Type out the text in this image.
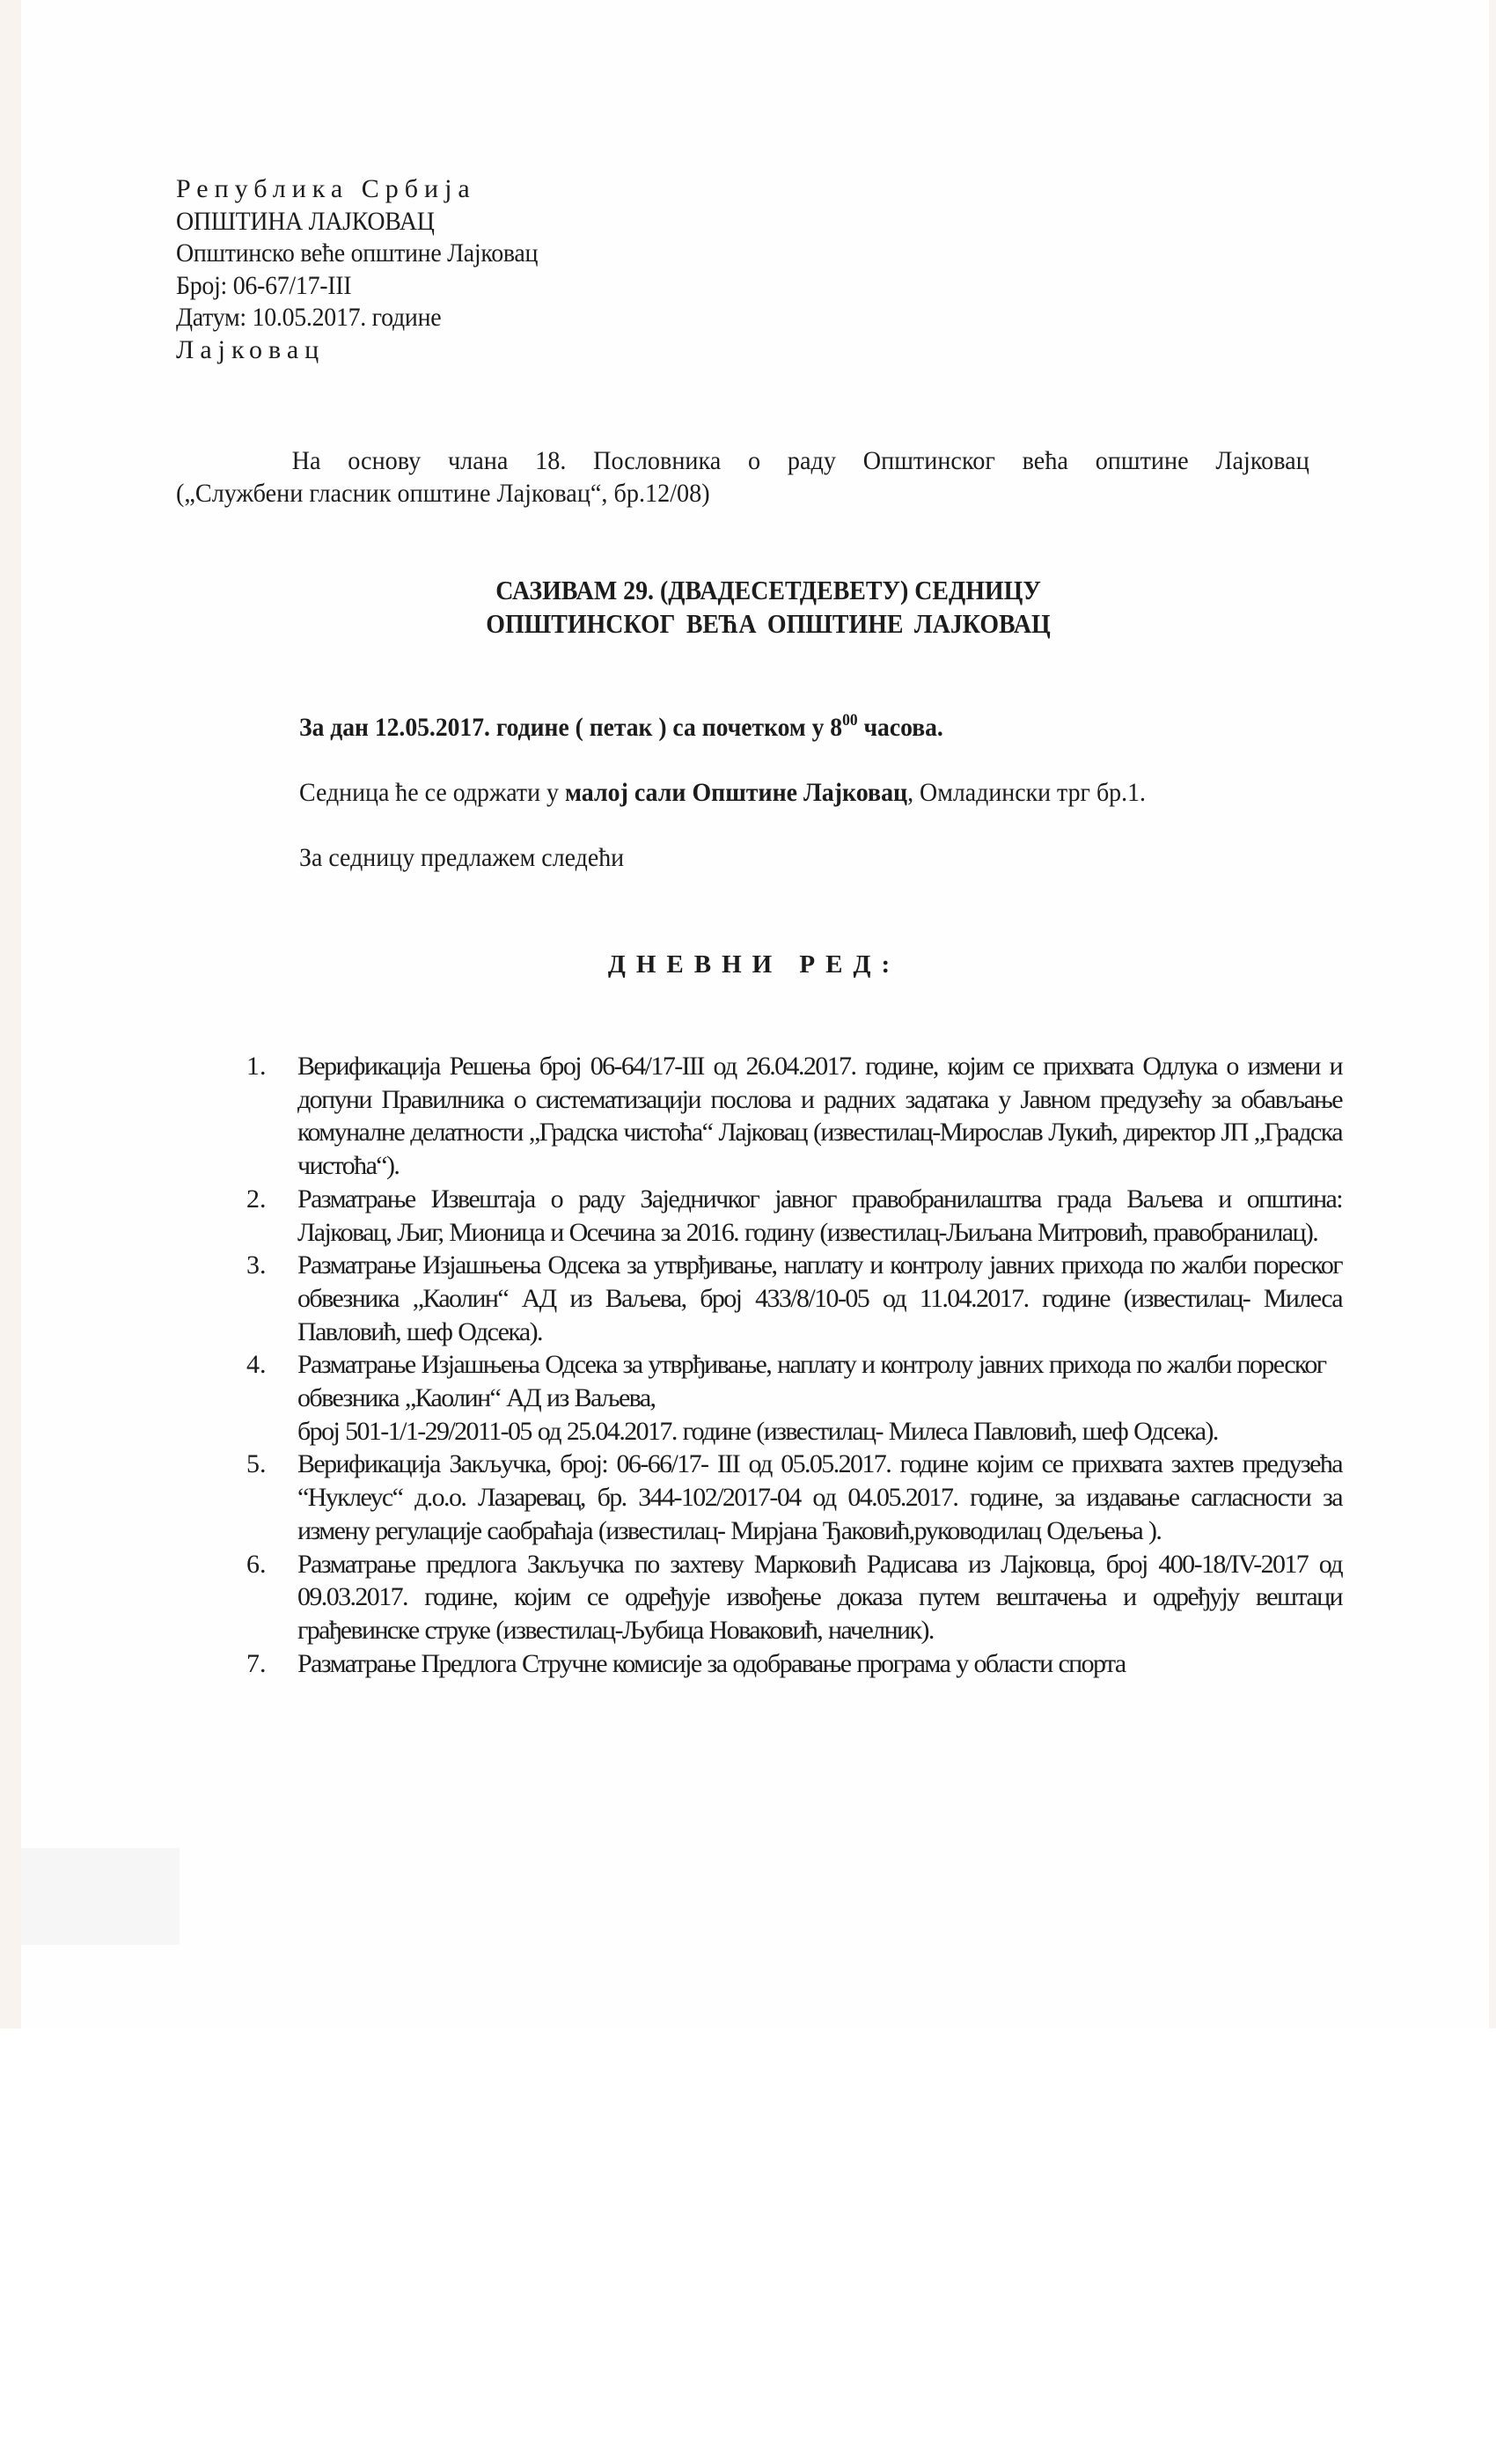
Република Србија
ОПШТИНА ЛАЈКОВАЦ
Општинско веће општине Лајковац
Број: 06-67/17-III
Датум: 10.05.2017. године
Лајковац
На основу члана 18. Пословника о раду Општинског већа општине Лајковац
(„Службени гласник општине Лајковац“, бр.12/08)
САЗИВАМ 29. (ДВАДЕСЕТДЕВЕТУ) СЕДНИЦУ
ОПШТИНСКОГ ВЕЋА ОПШТИНЕ ЛАЈКОВАЦ
За дан 12.05.2017. године ( петак ) са почетком у $8^{00}$ часова.
Седница ће се одржати у малој сали Општине Лајковац, Омладински трг бр.1.
За седницу предлажем следећи
ДНЕВНИ РЕД:
1. Верификација Решења број 06-64/17-III од 26.04.2017. године, којим се прихвата Одлука о измени и допуни Правилника о систематизацији послова и радних задатака у Јавном предузећу за обављање комуналне делатности „Градска чистоћа“ Лајковац (известилац-Мирослав Лукић, директор ЈП „Градска чистоћа“).
2. Разматрање Извештаја о раду Заједничког јавног правобранилаштва града Ваљева и општина: Лајковац, Љиг, Мионица и Осечина за 2016. годину (известилац-Љиљана Митровић, правобранилац).
3. Разматрање Изјашњења Одсека за утврђивање, наплату и контролу јавних прихода по жалби пореског обвезника „Каолин“ АД из Ваљева, број 433/8/10-05 од 11.04.2017. године (известилац- Милеса Павловић, шеф Одсека).
4. Разматрање Изјашњења Одсека за утврђивање, наплату и контролу јавних прихода по жалби пореског обвезника „Каолин“ АД из Ваљева,
број 501-1/1-29/2011-05 од 25.04.2017. године (известилац- Милеса Павловић, шеф Одсека).
5. Верификација Закључка, број: 06-66/17- III од 05.05.2017. године којим се прихвата захтев предузећа “Нуклеус“ д.о.о. Лазаревац, бр. 344-102/2017-04 од 04.05.2017. године, за издавање сагласности за измену регулације саобраћаја (известилац- Мирјана Ђаковић,руководилац Одељења ).
6. Разматрање предлога Закључка по захтеву Марковић Радисава из Лајковца, број 400-18/IV-2017 од 09.03.2017. године, којим се одређује извођење доказа путем вештачења и одређују вештаци грађевинске струке (известилац-Љубица Новаковић, начелник).
7. Разматрање Предлога Стручне комисије за одобравање програма у области спорта
